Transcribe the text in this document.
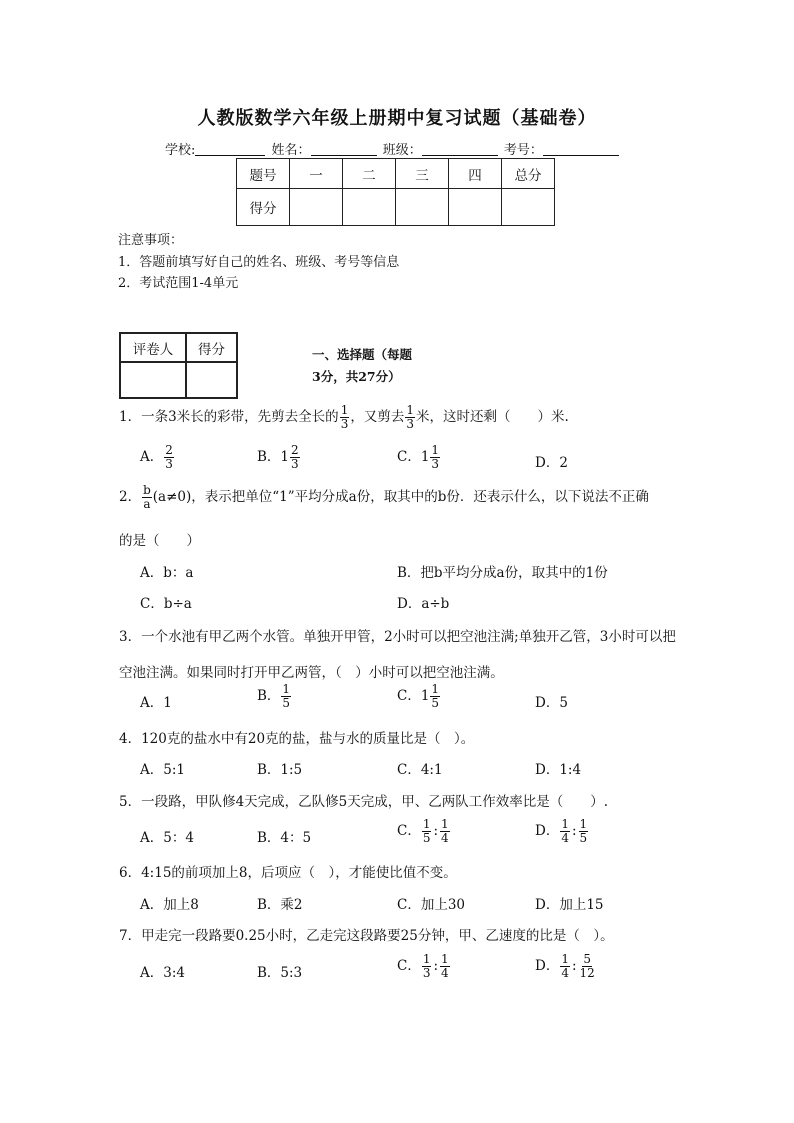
人教版数学六年级上册期中复习试题（基础卷）
学校:	姓名：	班级：	考号：
题号	一	二	三	四	总分
得分					
注意事项：
1．答题前填写好自己的姓名、班级、考号等信息
2．考试范围1-4单元
评卷人	得分
		一、选择题（每题
3分，共27分）
1．一条3米长的彩带，先剪去全长的 $\frac{1}{3}$ ，又剪去 $\frac{1}{3}$ 米，这时还剩（　　）米.
A． $\frac{2}{3}$	B．$1 \frac{2}{3}$	C．$1 \frac{1}{3}$	D．2
2． $\frac{b}{a} (a\ne 0)$，表示把单位“1”平均分成a份，取其中的b份．还表示什么，以下说法不正确
的是（　　）
A．b：a	B．把b平均分成a份，取其中的1份
C．b÷a	D．a÷b
3．一个水池有甲乙两个水管。单独开甲管，2小时可以把空池注满;单独开乙管，3小时可以把空池注满。如果同时打开甲乙两管，（　）小时可以把空池注满。
A．1	B． $\frac{1}{5}$	C．$1 \frac{1}{5}$	D．5
4．120克的盐水中有20克的盐，盐与水的质量比是（　）。
A．5:1	B．1:5	C．4:1	D．1:4
5．一段路，甲队修4天完成，乙队修5天完成，甲、乙两队工作效率比是（　　）.
A．5：4	B．4：5	C． $\frac{1}{5}$ : $\frac{1}{4}$	D． $\frac{1}{4}$ : $\frac{1}{5}$
6．4:15的前项加上8，后项应（　），才能使比值不变。
A．加上8	B．乘2	C．加上30	D．加上15
7．甲走完一段路要0.25小时，乙走完这段路要25分钟，甲、乙速度的比是（　）。
A．3:4	B．5:3	C． $\frac{1}{3}$ : $\frac{1}{4}$	D． $\frac{1}{4}$ : $\frac{5}{12}$
